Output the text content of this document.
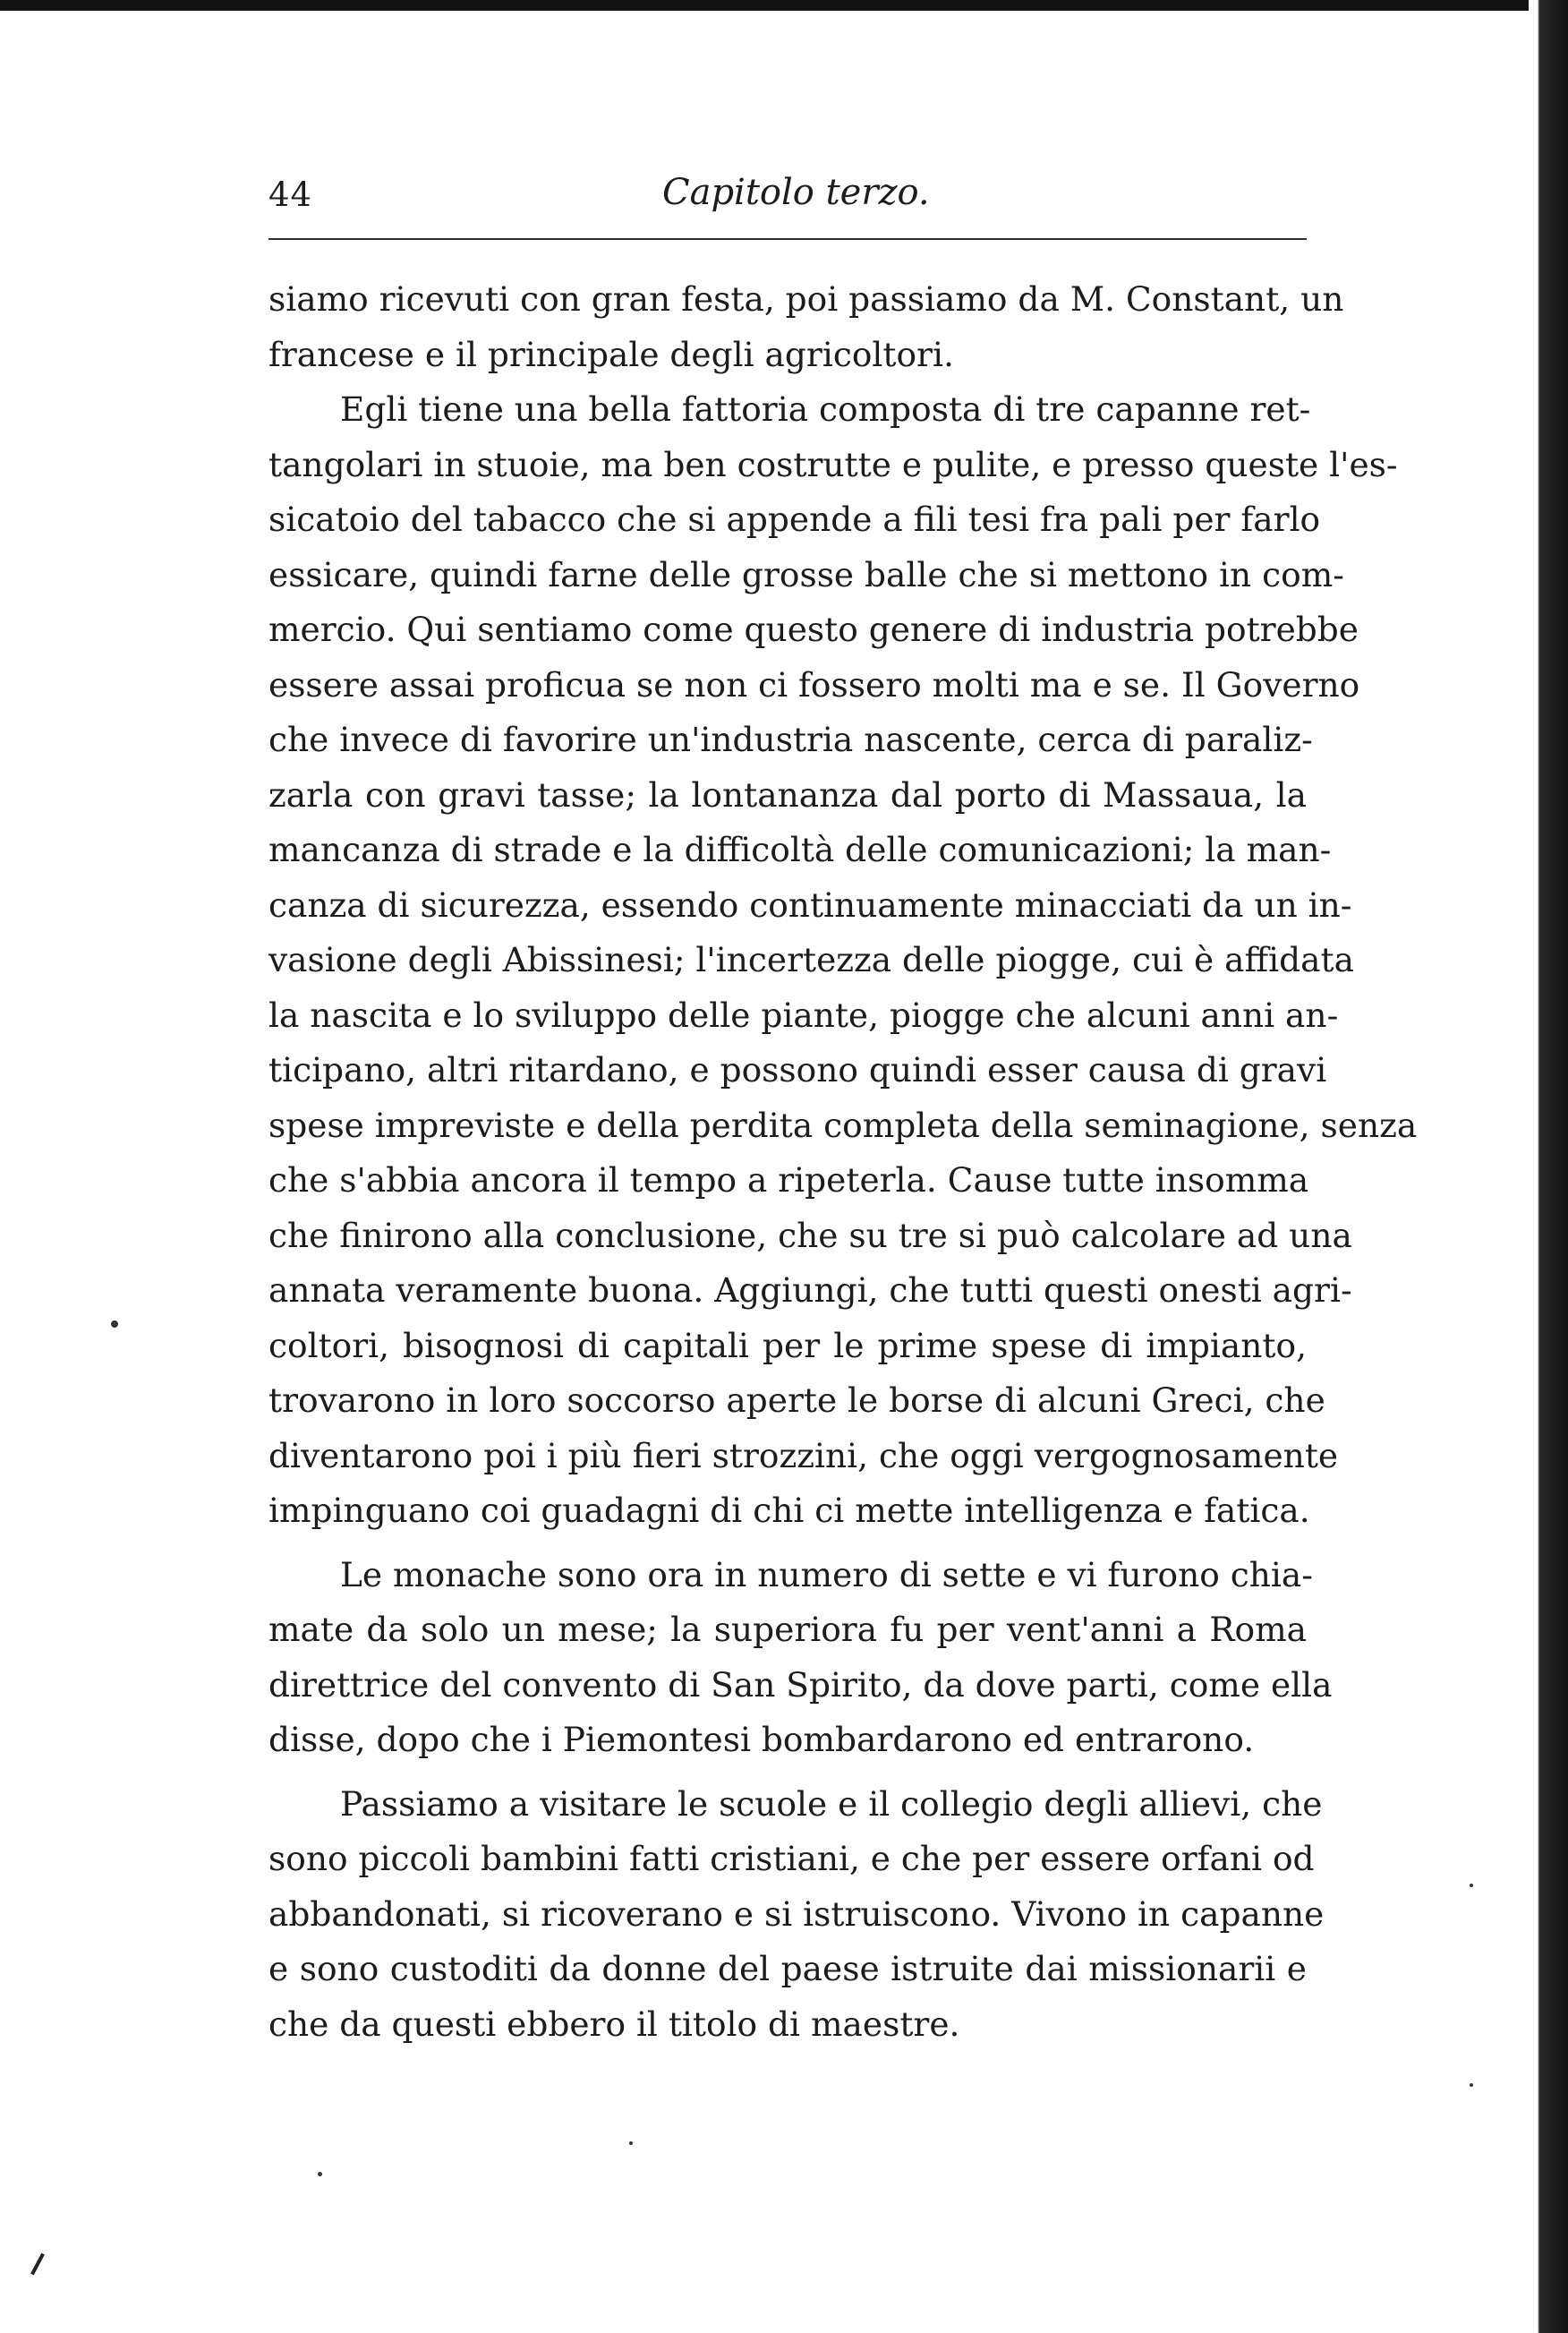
44	Capitolo terzo.
siamo ricevuti con gran festa, poi passiamo da M. Constant, un
francese e il principale degli agricoltori.
Egli tiene una bella fattoria composta di tre capanne ret-
tangolari in stuoie, ma ben costrutte e pulite, e presso queste l'es-
sicatoio del tabacco che si appende a fili tesi fra pali per farlo
essicare, quindi farne delle grosse balle che si mettono in com-
mercio. Qui sentiamo come questo genere di industria potrebbe
essere assai proficua se non ci fossero molti ma e se. Il Governo
che invece di favorire un'industria nascente, cerca di paraliz-
zarla con gravi tasse; la lontananza dal porto di Massaua, la
mancanza di strade e la difficoltà delle comunicazioni; la man-
canza di sicurezza, essendo continuamente minacciati da un in-
vasione degli Abissinesi; l'incertezza delle piogge, cui è affidata
la nascita e lo sviluppo delle piante, piogge che alcuni anni an-
ticipano, altri ritardano, e possono quindi esser causa di gravi
spese impreviste e della perdita completa della seminagione, senza
che s'abbia ancora il tempo a ripeterla. Cause tutte insomma
che finirono alla conclusione, che su tre si può calcolare ad una
annata veramente buona. Aggiungi, che tutti questi onesti agri-
coltori, bisognosi di capitali per le prime spese di impianto,
trovarono in loro soccorso aperte le borse di alcuni Greci, che
diventarono poi i più fieri strozzini, che oggi vergognosamente
impinguano coi guadagni di chi ci mette intelligenza e fatica.
Le monache sono ora in numero di sette e vi furono chia-
mate da solo un mese; la superiora fu per vent'anni a Roma
direttrice del convento di San Spirito, da dove parti, come ella
disse, dopo che i Piemontesi bombardarono ed entrarono.
Passiamo a visitare le scuole e il collegio degli allievi, che
sono piccoli bambini fatti cristiani, e che per essere orfani od
abbandonati, si ricoverano e si istruiscono. Vivono in capanne
e sono custoditi da donne del paese istruite dai missionarii e
che da questi ebbero il titolo di maestre.
